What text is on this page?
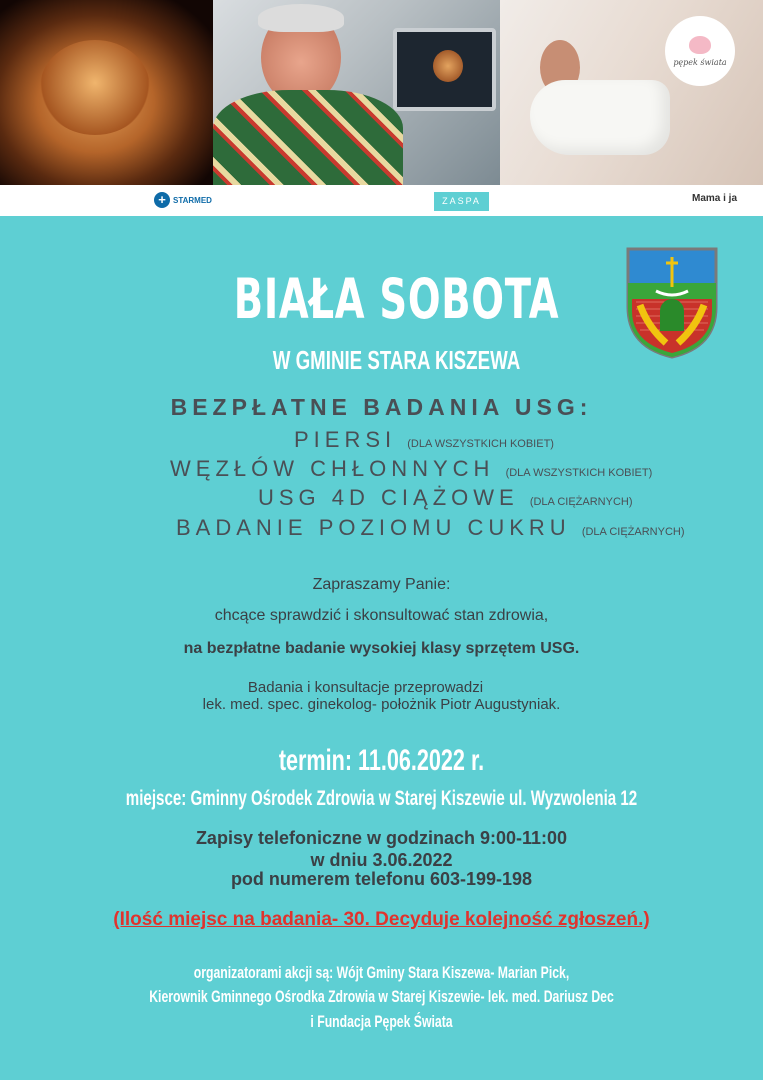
pępek świata
+ STARMED	ZASPA	Mama i ja
BIAŁA SOBOTA
W GMINIE STARA KISZEWA
BEZPŁATNE BADANIA USG:
PIERSI (DLA WSZYSTKICH KOBIET)
WĘZŁÓW CHŁONNYCH (DLA WSZYSTKICH KOBIET)
USG 4D CIĄŻOWE (DLA CIĘŻARNYCH)
BADANIE POZIOMU CUKRU (DLA CIĘŻARNYCH)
Zapraszamy Panie:
chcące sprawdzić i skonsultować stan zdrowia,
na bezpłatne badanie wysokiej klasy sprzętem USG.
Badania i konsultacje przeprowadzi
lek. med. spec. ginekolog- położnik Piotr Augustyniak.
termin: 11.06.2022 r.
miejsce: Gminny Ośrodek Zdrowia w Starej Kiszewie ul. Wyzwolenia 12
Zapisy telefoniczne w godzinach 9:00-11:00
w dniu 3.06.2022
pod numerem telefonu 603-199-198
(Ilość miejsc na badania- 30. Decyduje kolejność zgłoszeń.)
organizatorami akcji są: Wójt Gminy Stara Kiszewa- Marian Pick,
Kierownik Gminnego Ośrodka Zdrowia w Starej Kiszewie- lek. med. Dariusz Dec
i Fundacja Pępek Świata
